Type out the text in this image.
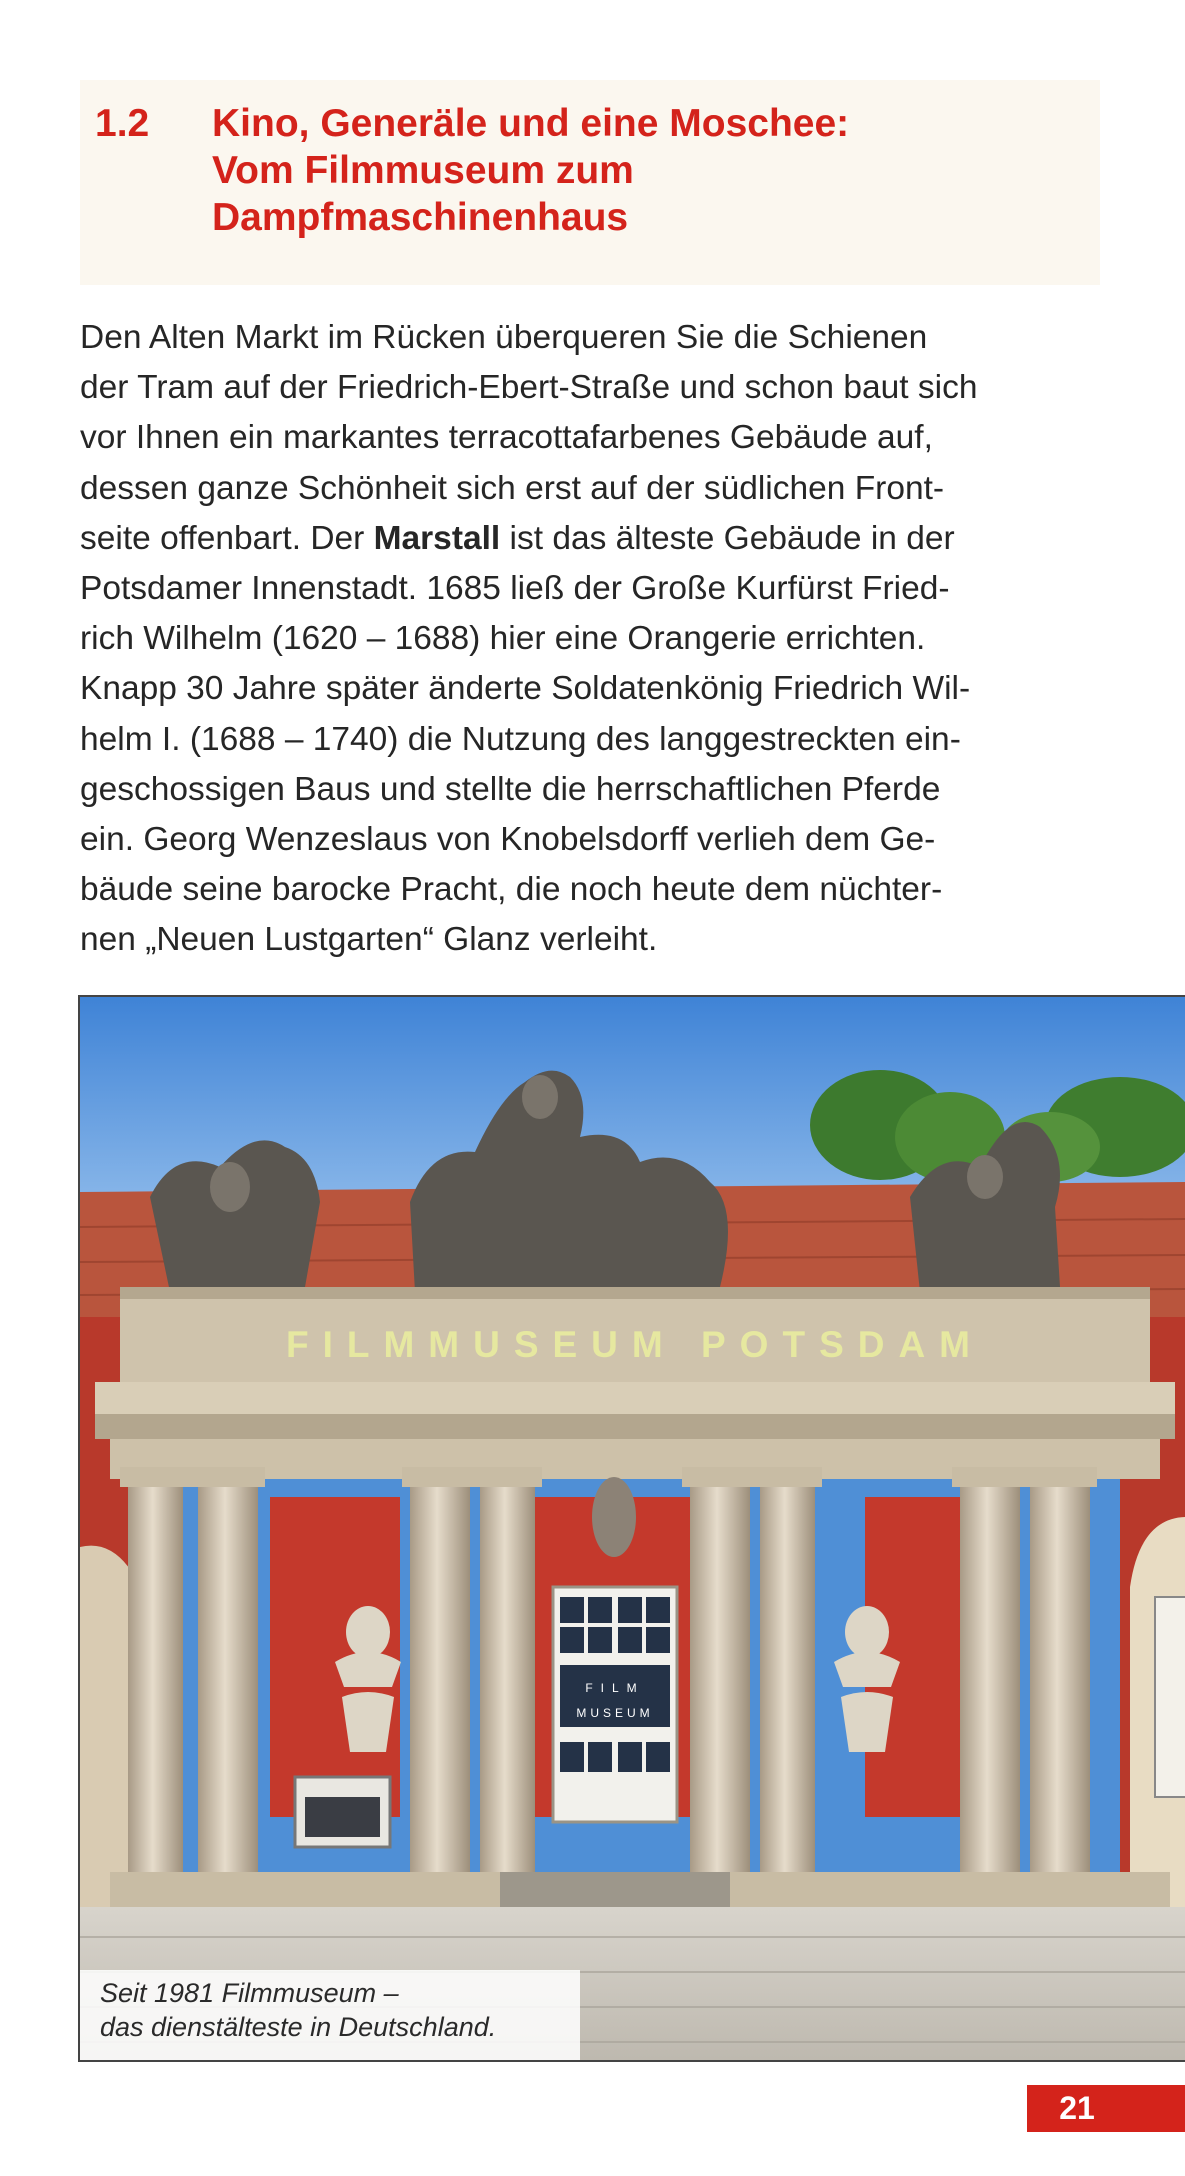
1.2 Kino, Generäle und eine Moschee:
Vom Filmmuseum zum
Dampfmaschinenhaus
Den Alten Markt im Rücken überqueren Sie die Schienen
der Tram auf der Friedrich-Ebert-Straße und schon baut sich
vor Ihnen ein markantes terracottafarbenes Gebäude auf,
dessen ganze Schönheit sich erst auf der südlichen Front-
seite offenbart. Der Marstall ist das älteste Gebäude in der
Potsdamer Innenstadt. 1685 ließ der Große Kurfürst Fried-
rich Wilhelm (1620 – 1688) hier eine Orangerie errichten.
Knapp 30 Jahre später änderte Soldatenkönig Friedrich Wil-
helm I. (1688 – 1740) die Nutzung des langgestreckten ein-
geschossigen Baus und stellte die herrschaftlichen Pferde
ein. Georg Wenzeslaus von Knobelsdorff verlieh dem Ge-
bäude seine barocke Pracht, die noch heute dem nüchter-
nen „Neuen Lustgarten“ Glanz verleiht.
FILMMUSEUM POTSDAM
FILM
MUSEUM
Seit 1981 Filmmuseum –
das dienstälteste in Deutschland.
21
